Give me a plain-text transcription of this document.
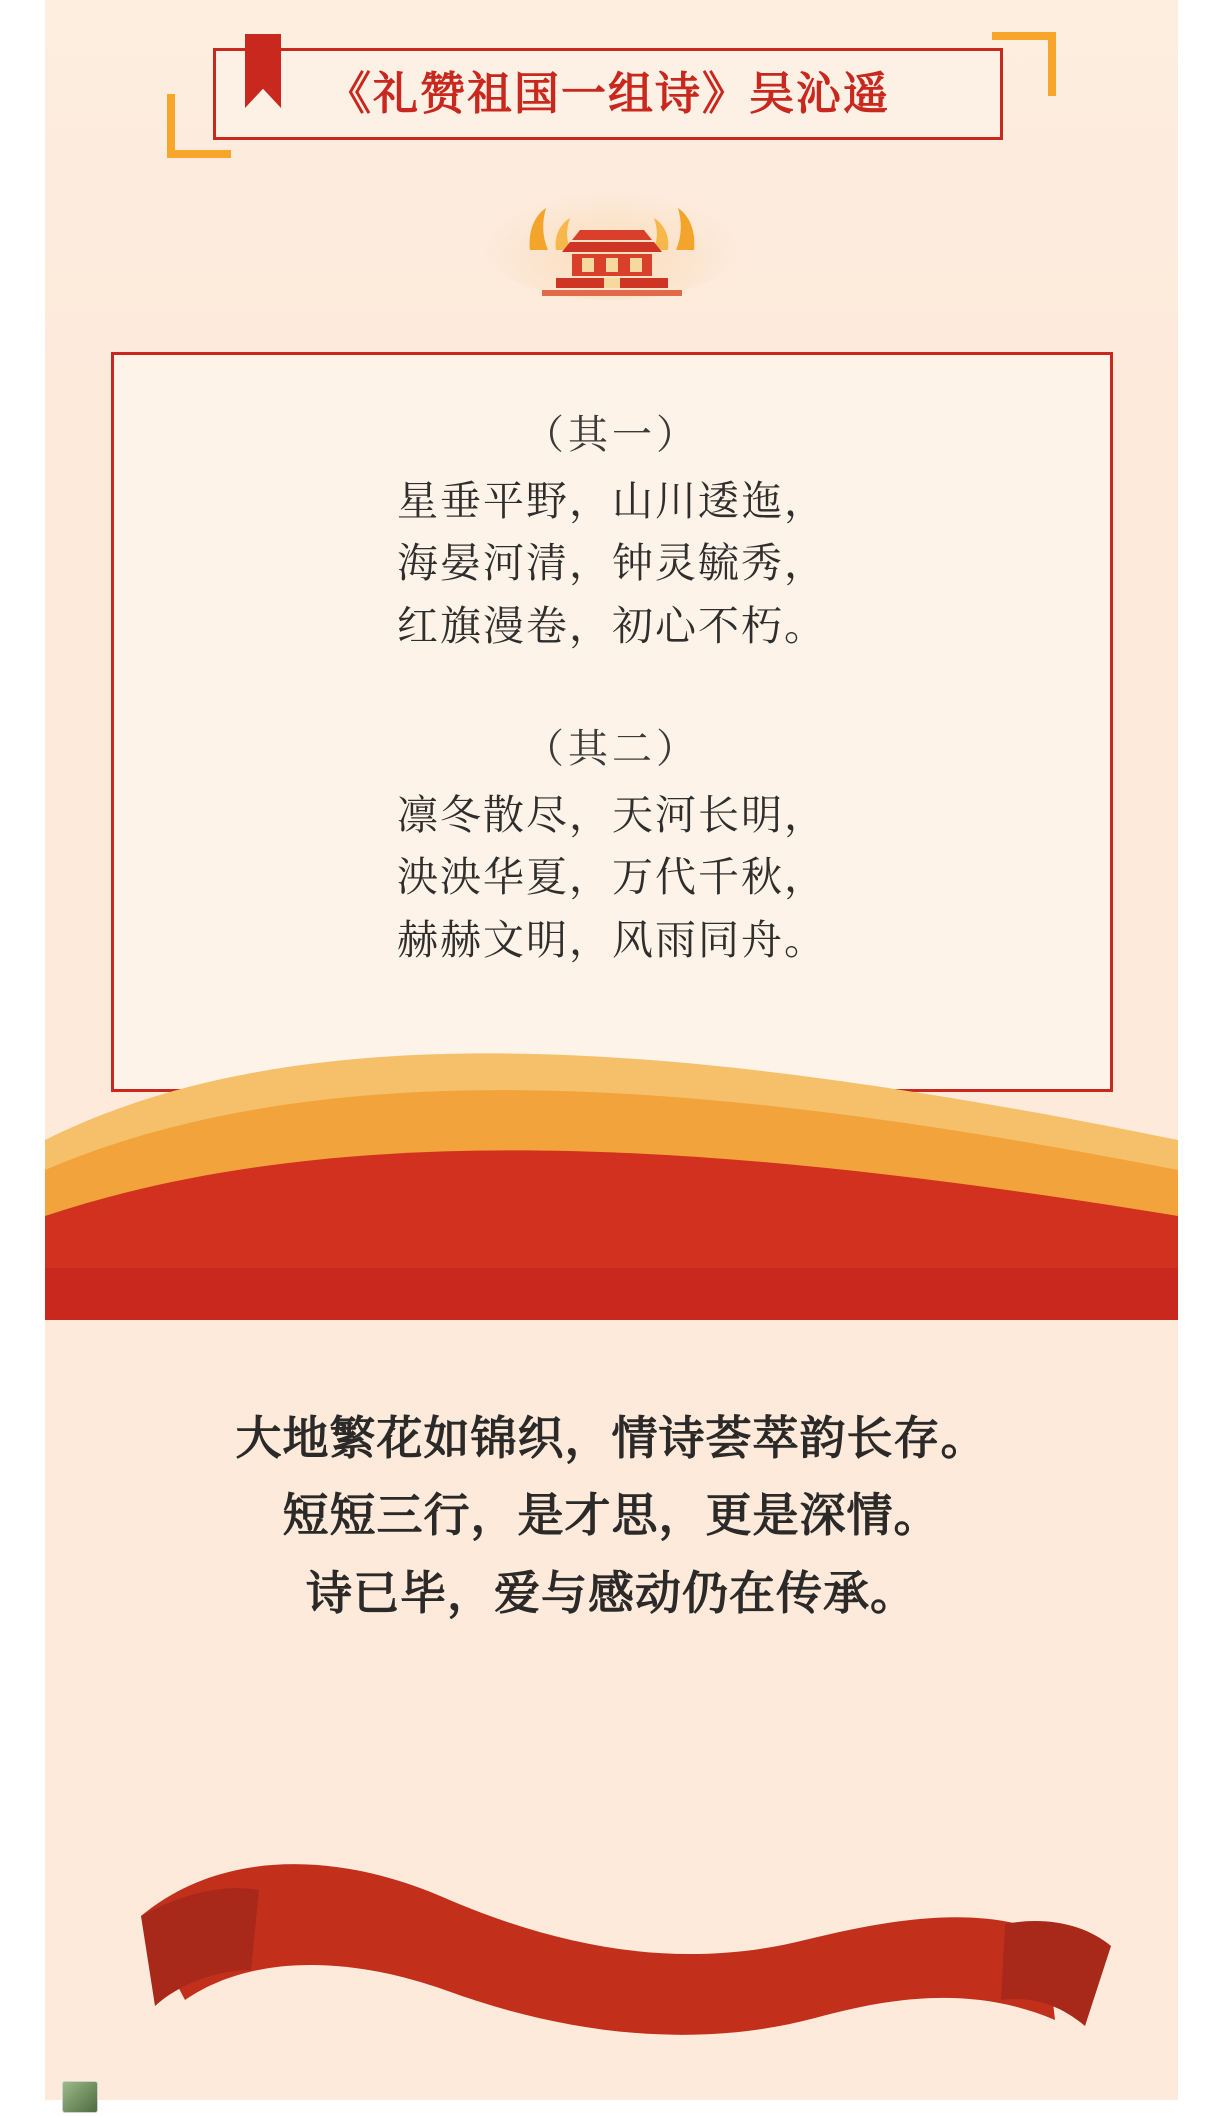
《礼赞祖国一组诗》吴沁遥
（其一）
星垂平野，山川逶迤，
海晏河清，钟灵毓秀，
红旗漫卷，初心不朽。
（其二）
凛冬散尽，天河长明，
泱泱华夏，万代千秋，
赫赫文明，风雨同舟。
大地繁花如锦织，情诗荟萃韵长存。
短短三行，是才思，更是深情。
诗已毕，爱与感动仍在传承。
